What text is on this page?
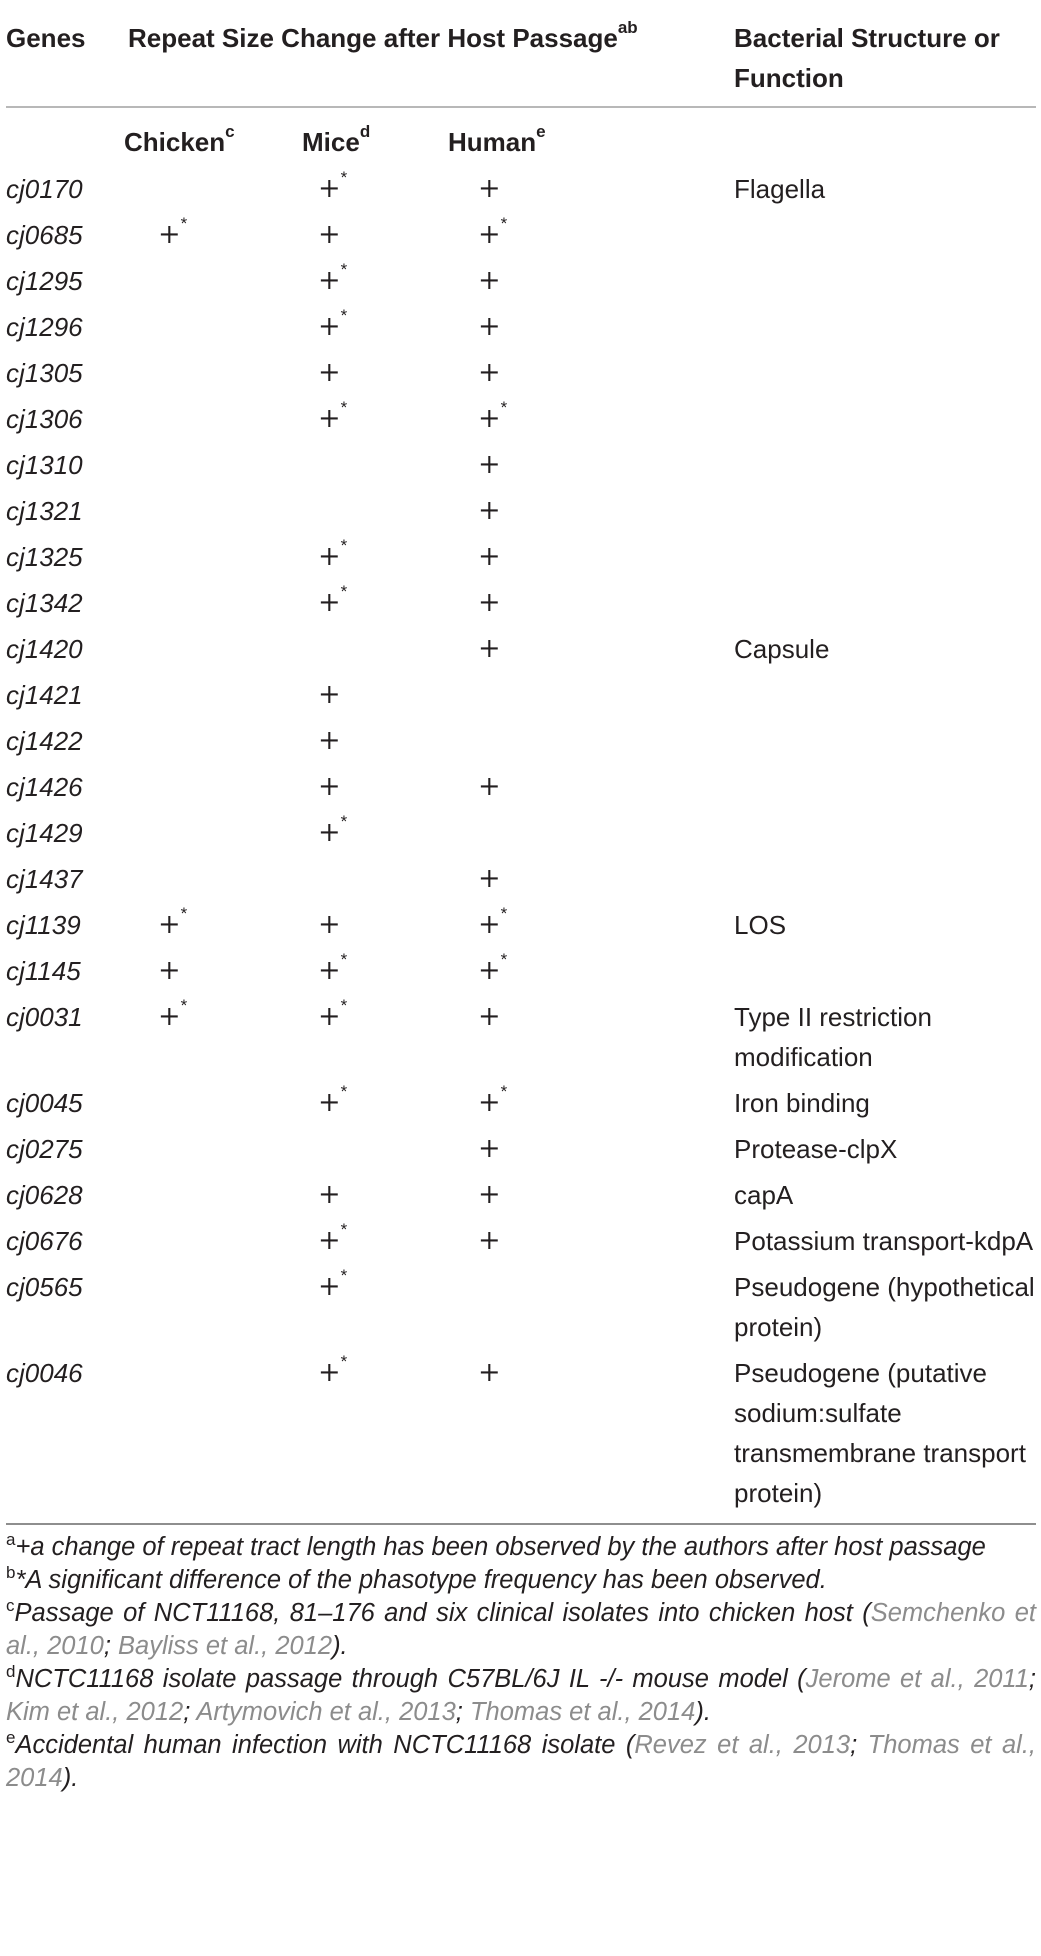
Genes	Repeat Size Change after Host Passage$^{ab}$			Bacterial Structure or Function
	Chicken$^c$	Mice$^d$	Human$^e$	
cj0170		+*	+	Flagella
cj0685	+*	+	+*	
cj1295		+*	+	
cj1296		+*	+	
cj1305		+	+	
cj1306		+*	+*	
cj1310			+	
cj1321			+	
cj1325		+*	+	
cj1342		+*	+	
cj1420			+	Capsule
cj1421		+		
cj1422		+		
cj1426		+	+	
cj1429		+*		
cj1437			+	
cj1139	+*	+	+*	LOS
cj1145	+	+*	+*	
cj0031	+*	+*	+	Type II restriction modification
cj0045		+*	+*	Iron binding
cj0275			+	Protease-clpX
cj0628		+	+	capA
cj0676		+*	+	Potassium transport-kdpA
cj0565		+*		Pseudogene (hypothetical protein)
cj0046		+*	+	Pseudogene (putative sodium:sulfate transmembrane transport protein)

$^a$+a change of repeat tract length has been observed by the authors after host passage

$^b$*A significant difference of the phasotype frequency has been observed.

$^c$Passage of NCT11168, 81–176 and six clinical isolates into chicken host (Semchenko et al., 2010; Bayliss et al., 2012).

$^d$NCTC11168 isolate passage through C57BL/6J IL -/- mouse model (Jerome et al., 2011; Kim et al., 2012; Artymovich et al., 2013; Thomas et al., 2014).

$^e$Accidental human infection with NCTC11168 isolate (Revez et al., 2013; Thomas et al., 2014).
